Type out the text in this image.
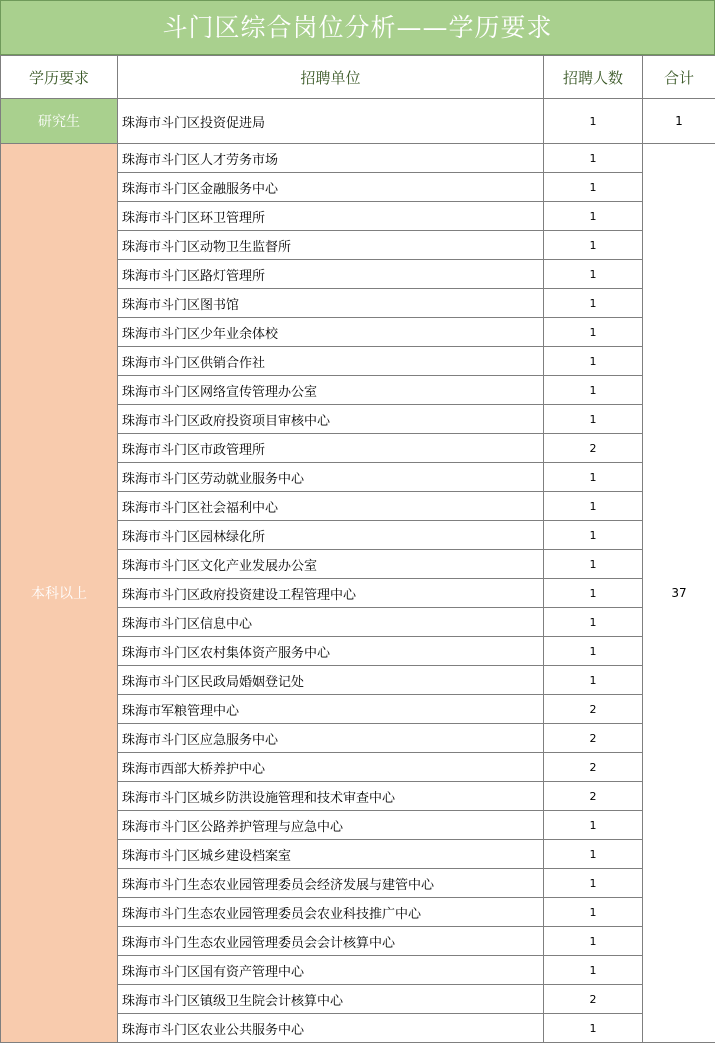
斗门区综合岗位分析——学历要求
学历要求	招聘单位	招聘人数	合计
研究生	珠海市斗门区投资促进局	1	1
本科以上	珠海市斗门区人才劳务市场	1	37
	珠海市斗门区金融服务中心	1	
	珠海市斗门区环卫管理所	1	
	珠海市斗门区动物卫生监督所	1	
	珠海市斗门区路灯管理所	1	
	珠海市斗门区图书馆	1	
	珠海市斗门区少年业余体校	1	
	珠海市斗门区供销合作社	1	
	珠海市斗门区网络宣传管理办公室	1	
	珠海市斗门区政府投资项目审核中心	1	
	珠海市斗门区市政管理所	2	
	珠海市斗门区劳动就业服务中心	1	
	珠海市斗门区社会福利中心	1	
	珠海市斗门区园林绿化所	1	
	珠海市斗门区文化产业发展办公室	1	
	珠海市斗门区政府投资建设工程管理中心	1	
	珠海市斗门区信息中心	1	
	珠海市斗门区农村集体资产服务中心	1	
	珠海市斗门区民政局婚姻登记处	1	
	珠海市军粮管理中心	2	
	珠海市斗门区应急服务中心	2	
	珠海市西部大桥养护中心	2	
	珠海市斗门区城乡防洪设施管理和技术审查中心	2	
	珠海市斗门区公路养护管理与应急中心	1	
	珠海市斗门区城乡建设档案室	1	
	珠海市斗门生态农业园管理委员会经济发展与建管中心	1	
	珠海市斗门生态农业园管理委员会农业科技推广中心	1	
	珠海市斗门生态农业园管理委员会会计核算中心	1	
	珠海市斗门区国有资产管理中心	1	
	珠海市斗门区镇级卫生院会计核算中心	2	
	珠海市斗门区农业公共服务中心	1	
